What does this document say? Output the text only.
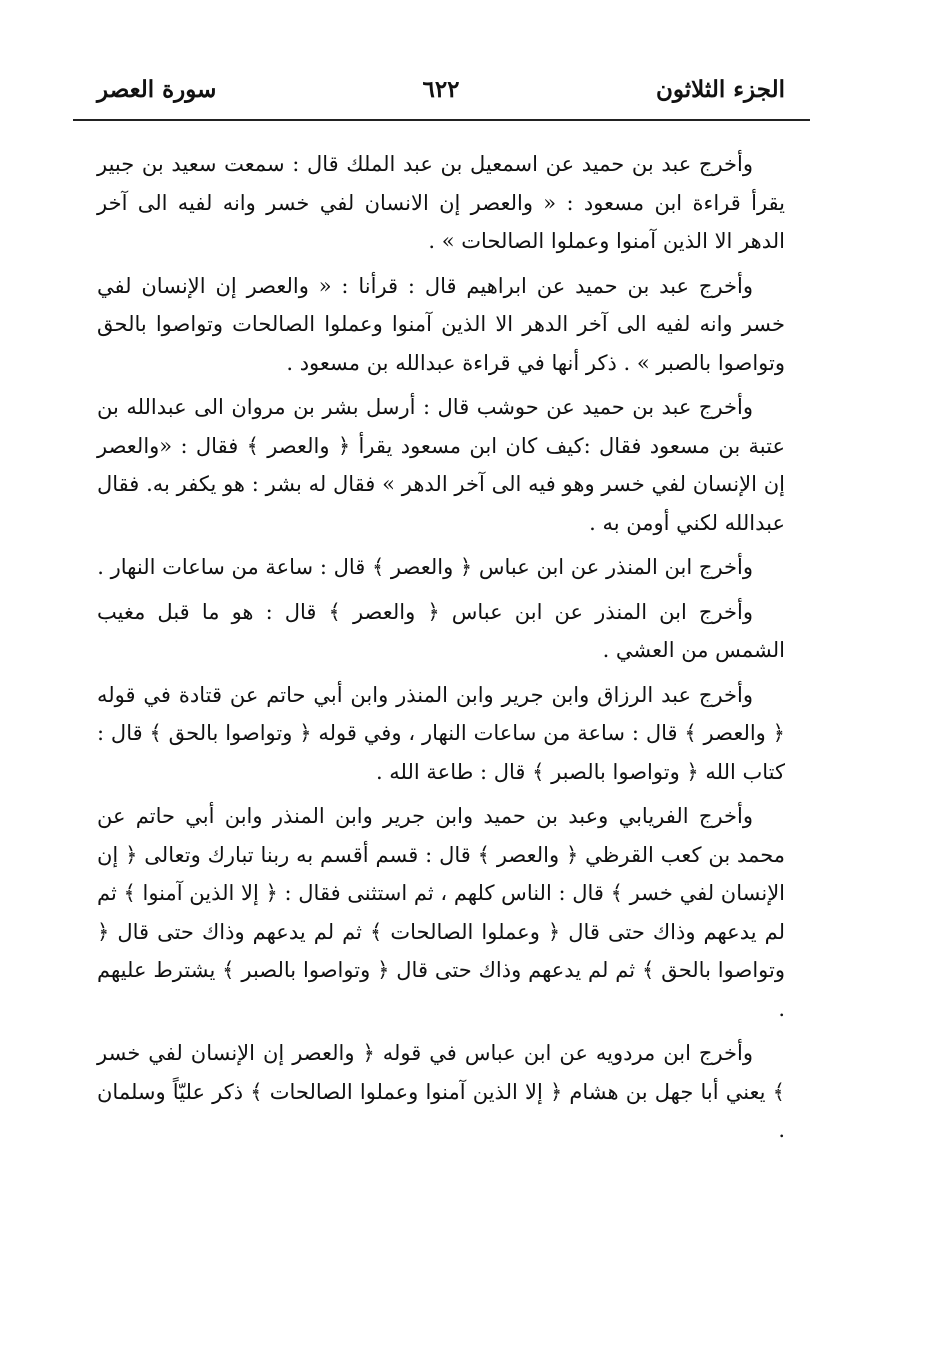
الجزء الثلاثون
٦٢٢
سورة العصر

وأخرج عبد بن حميد عن اسمعيل بن عبد الملك قال : سمعت سعيد بن جبير يقرأ قراءة ابن مسعود : « والعصر إن الانسان لفي خسر وانه لفيه الى آخر الدهر الا الذين آمنوا وعملوا الصالحات » .

وأخرج عبد بن حميد عن ابراهيم قال : قرأنا : « والعصر إن الإنسان لفي خسر وانه لفيه الى آخر الدهر الا الذين آمنوا وعملوا الصالحات وتواصوا بالحق وتواصوا بالصبر » . ذكر أنها في قراءة عبدالله بن مسعود .

وأخرج عبد بن حميد عن حوشب قال : أرسل بشر بن مروان الى عبدالله بن عتبة بن مسعود فقال :كيف كان ابن مسعود يقرأ ﴿ والعصر ﴾ فقال : «والعصر إن الإنسان لفي خسر وهو فيه الى آخر الدهر » فقال له بشر : هو يكفر به. فقال عبدالله لكني أومن به .

وأخرج ابن المنذر عن ابن عباس ﴿ والعصر ﴾ قال : ساعة من ساعات النهار .

وأخرج ابن المنذر عن ابن عباس ﴿ والعصر ﴾ قال : هو ما قبل مغيب الشمس من العشي .

وأخرج عبد الرزاق وابن جرير وابن المنذر وابن أبي حاتم عن قتادة في قوله ﴿ والعصر ﴾ قال : ساعة من ساعات النهار ، وفي قوله ﴿ وتواصوا بالحق ﴾ قال : كتاب الله ﴿ وتواصوا بالصبر ﴾ قال : طاعة الله .

وأخرج الفريابي وعبد بن حميد وابن جرير وابن المنذر وابن أبي حاتم عن محمد بن كعب القرظي ﴿ والعصر ﴾ قال : قسم أقسم به ربنا تبارك وتعالى ﴿ إن الإنسان لفي خسر ﴾ قال : الناس كلهم ، ثم استثنى فقال : ﴿ إلا الذين آمنوا ﴾ ثم لم يدعهم وذاك حتى قال ﴿ وعملوا الصالحات ﴾ ثم لم يدعهم وذاك حتى قال ﴿ وتواصوا بالحق ﴾ ثم لم يدعهم وذاك حتى قال ﴿ وتواصوا بالصبر ﴾ يشترط عليهم .

وأخرج ابن مردويه عن ابن عباس في قوله ﴿ والعصر إن الإنسان لفي خسر ﴾ يعني أبا جهل بن هشام ﴿ إلا الذين آمنوا وعملوا الصالحات ﴾ ذكر عليّاً وسلمان .
